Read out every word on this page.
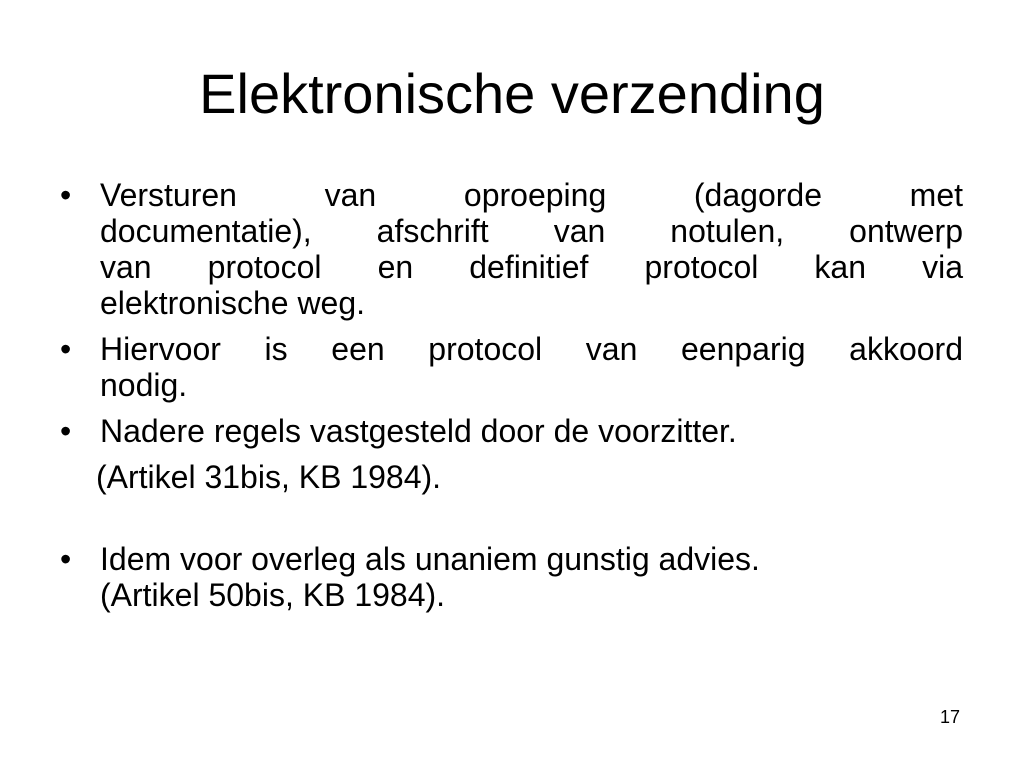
Elektronische verzending
• Versturen van oproeping (dagorde met
documentatie), afschrift van notulen, ontwerp
van protocol en definitief protocol kan via
elektronische weg.
• Hiervoor is een protocol van eenparig akkoord
nodig.
• Nadere regels vastgesteld door de voorzitter.
(Artikel 31bis, KB 1984).
• Idem voor overleg als unaniem gunstig advies.
(Artikel 50bis, KB 1984).
17
